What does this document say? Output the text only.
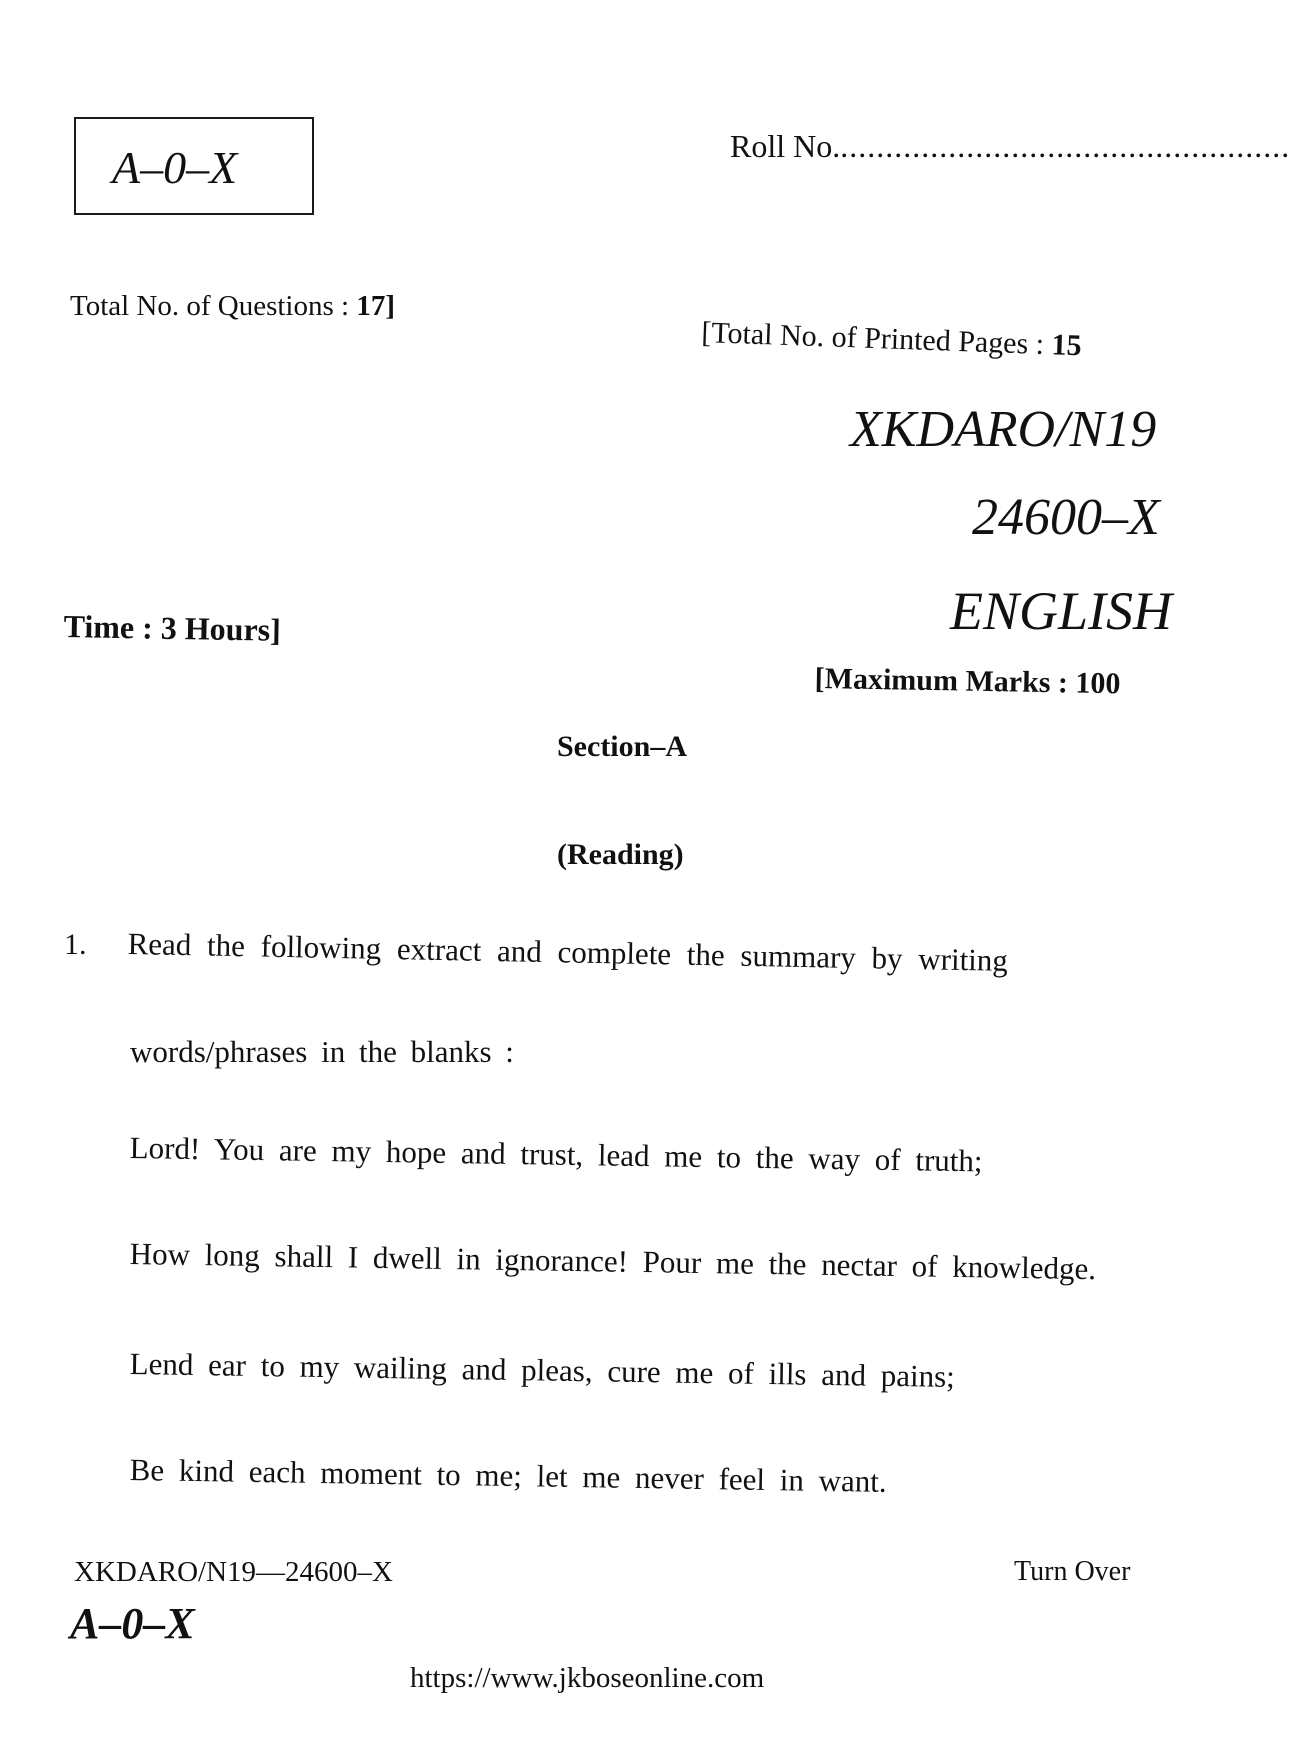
A–0–X	Roll No...................................................
Total No. of Questions : 17]
[Total No. of Printed Pages : 15
XKDARO/N19
24600–X
ENGLISH
Time : 3 Hours]
[Maximum Marks : 100
Section–A
(Reading)
1. Read the following extract and complete the summary by writing
words/phrases in the blanks :
Lord! You are my hope and trust, lead me to the way of truth;
How long shall I dwell in ignorance! Pour me the nectar of knowledge.
Lend ear to my wailing and pleas, cure me of ills and pains;
Be kind each moment to me; let me never feel in want.
XKDARO/N19—24600–X
A–0–X
Turn Over
https://www.jkboseonline.com
